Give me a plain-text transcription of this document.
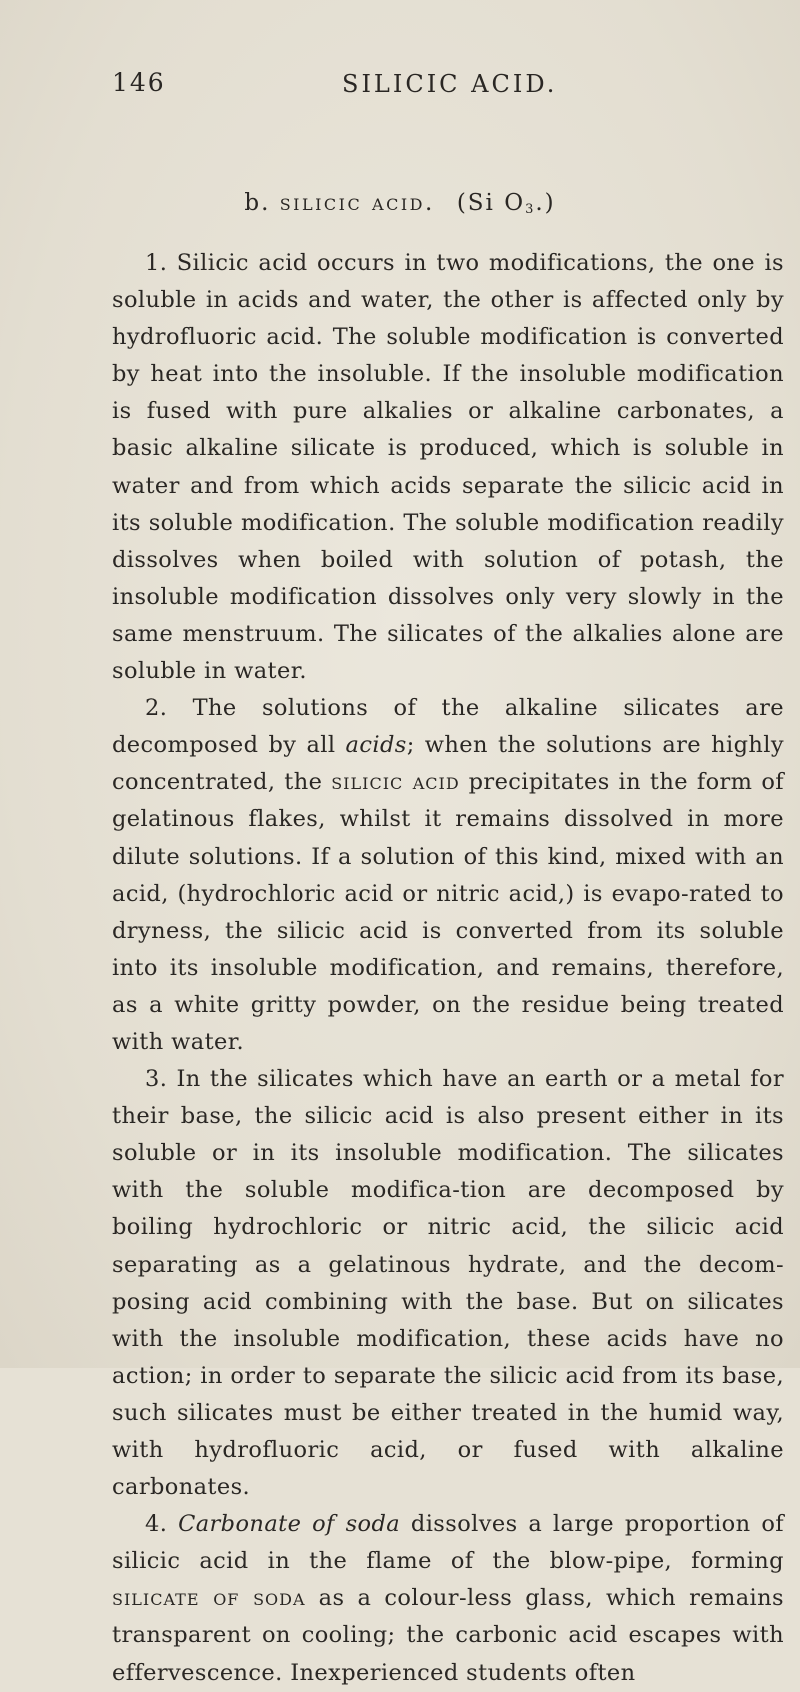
146	SILICIC ACID.
b. silicic acid. (Si $O_3$.)

1. Silicic acid occurs in two modifications, the one is soluble in acids and water, the other is affected only by hydrofluoric acid. The soluble modification is converted by heat into the insoluble. If the insoluble modification is fused with pure alkalies or alkaline carbonates, a basic alkaline silicate is produced, which is soluble in water and from which acids separate the silicic acid in its soluble modification. The soluble modification readily dissolves when boiled with solution of potash, the insoluble modification dissolves only very slowly in the same menstruum. The silicates of the alkalies alone are soluble in water.

2. The solutions of the alkaline silicates are decomposed by all acids; when the solutions are highly concentrated, the silicic acid precipitates in the form of gelatinous flakes, whilst it remains dissolved in more dilute solutions. If a solution of this kind, mixed with an acid, (hydrochloric acid or nitric acid,) is evapo-rated to dryness, the silicic acid is converted from its soluble into its insoluble modification, and remains, therefore, as a white gritty powder, on the residue being treated with water.

3. In the silicates which have an earth or a metal for their base, the silicic acid is also present either in its soluble or in its insoluble modification. The silicates with the soluble modifica-tion are decomposed by boiling hydrochloric or nitric acid, the silicic acid separating as a gelatinous hydrate, and the decom-posing acid combining with the base. But on silicates with the insoluble modification, these acids have no action; in order to separate the silicic acid from its base, such silicates must be either treated in the humid way, with hydrofluoric acid, or fused with alkaline carbonates.

4. Carbonate of soda dissolves a large proportion of silicic acid in the flame of the blow-pipe, forming silicate of soda as a colour-less glass, which remains transparent on cooling; the carbonic acid escapes with effervescence. Inexperienced students often
